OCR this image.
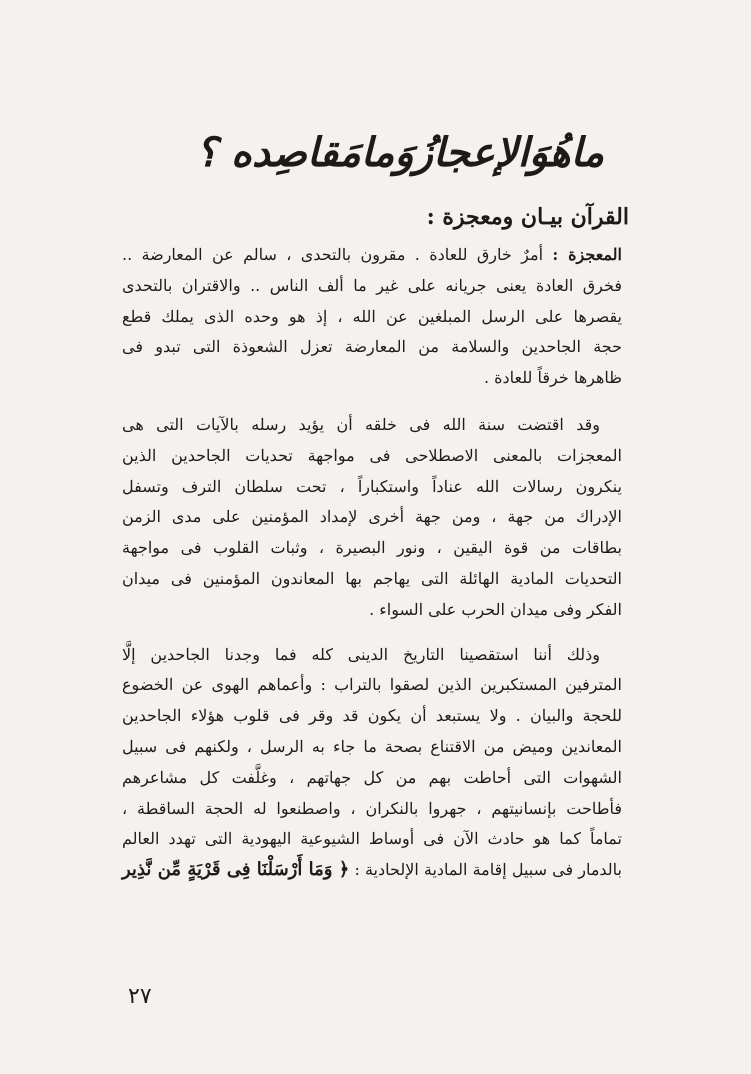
‎ ‎ ‎ ‎ ‎ ‎ ‎ ‎ ‎ ‎ ‎ ‎ ‎ ‎ ‎ ‎ ‎ ‎ ‎ ‎ ‎ ‎ ‎ ‎ ‎ ‎ ‎ ‎ ‎ ‎ ‎ ‎ ‎ ‎ ‎ ‎ ‎ ‎ ‎ ‎
ماهُوَالإعجازُوَمامَقاصِده ؟
القرآن بيـان ومعجزة :
المعجزة : أمرٌ خارق للعادة . مقرون بالتحدى ، سالم عن المعارضة ..
فخرق العادة يعنى جريانه على غير ما ألف الناس .. والاقتران بالتحدى
يقصرها على الرسل المبلغين عن الله ، إذ هو وحده الذى يملك قطع
حجة الجاحدين والسلامة من المعارضة تعزل الشعوذة التى تبدو فى
ظاهرها خرقاً للعادة .
وقد اقتضت سنة الله فى خلقه أن يؤيد رسله بالآيات التى هى
المعجزات بالمعنى الاصطلاحى فى مواجهة تحديات الجاحدين الذين
ينكرون رسالات الله عناداً واستكباراً ، تحت سلطان الترف وتسفل
الإدراك من جهة ، ومن جهة أخرى لإمداد المؤمنين على مدى الزمن
بطاقات من قوة اليقين ، ونور البصيرة ، وثبات القلوب فى مواجهة
التحديات المادية الهائلة التى يهاجم بها المعاندون المؤمنين فى ميدان
الفكر وفى ميدان الحرب على السواء .
وذلك أننا استقصينا التاريخ الدينى كله فما وجدنا الجاحدين إلَّا
المترفين المستكبرين الذين لصقوا بالتراب : وأعماهم الهوى عن الخضوع
للحجة والبيان . ولا يستبعد أن يكون قد وقر فى قلوب هؤلاء الجاحدين
المعاندين وميض من الاقتناع بصحة ما جاء به الرسل ، ولكنهم فى سبيل
الشهوات التى أحاطت بهم من كل جهاتهم ، وغلَّفت كل مشاعرهم
فأطاحت بإنسانيتهم ، جهروا بالنكران ، واصطنعوا له الحجة الساقطة ،
تماماً كما هو حادث الآن فى أوساط الشيوعية اليهودية التى تهدد العالم
بالدمار فى سبيل إقامة المادية الإلحادية : ﴿ وَمَا أَرْسَلْنَا فِى قَرْيَةٍ مِّن نَّذِير
٢٧
